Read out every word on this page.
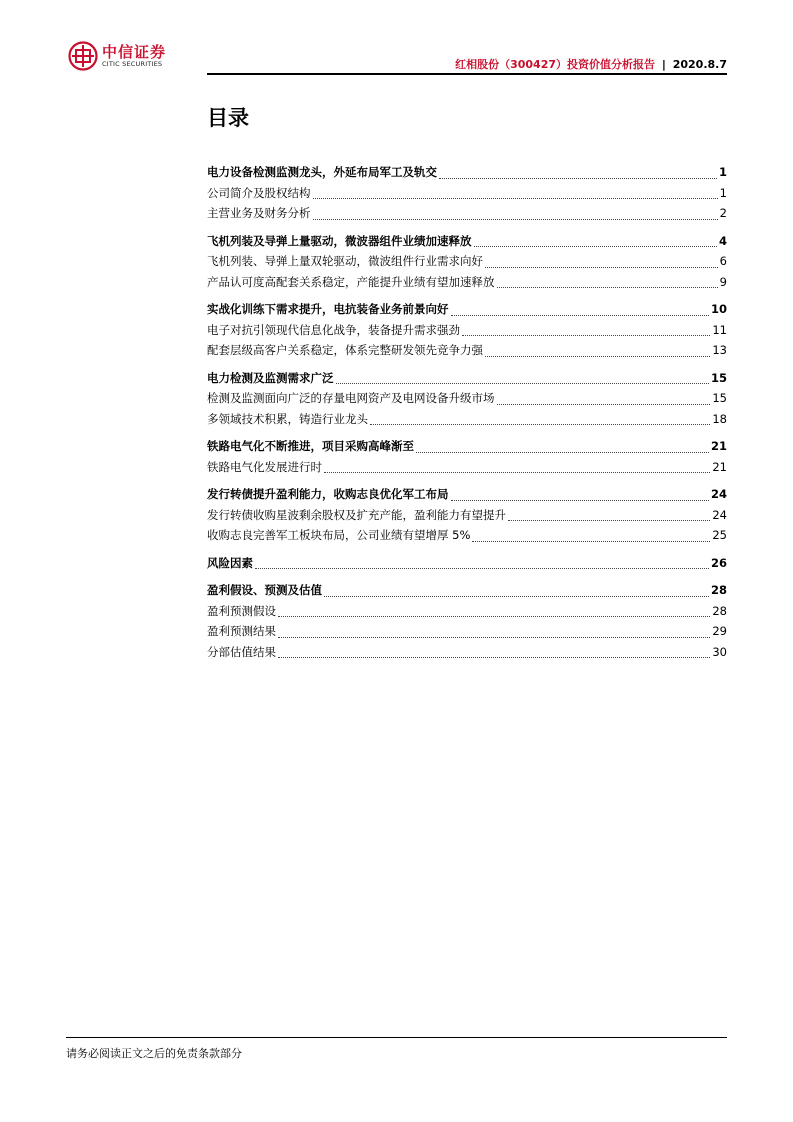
中信证券
CITIC SECURITIES	红相股份（300427）投资价值分析报告 | 2020.8.7
目录
电力设备检测监测龙头，外延布局军工及轨交	1
公司简介及股权结构	1
主营业务及财务分析	2
飞机列装及导弹上量驱动，微波器组件业绩加速释放	4
飞机列装、导弹上量双轮驱动，微波组件行业需求向好	6
产品认可度高配套关系稳定，产能提升业绩有望加速释放	9
实战化训练下需求提升，电抗装备业务前景向好	10
电子对抗引领现代信息化战争，装备提升需求强劲	11
配套层级高客户关系稳定，体系完整研发领先竞争力强	13
电力检测及监测需求广泛	15
检测及监测面向广泛的存量电网资产及电网设备升级市场	15
多领域技术积累，铸造行业龙头	18
铁路电气化不断推进，项目采购高峰渐至	21
铁路电气化发展进行时	21
发行转债提升盈利能力，收购志良优化军工布局	24
发行转债收购星波剩余股权及扩充产能，盈利能力有望提升	24
收购志良完善军工板块布局，公司业绩有望增厚 5%	25
风险因素	26
盈利假设、预测及估值	28
盈利预测假设	28
盈利预测结果	29
分部估值结果	30
请务必阅读正文之后的免责条款部分
